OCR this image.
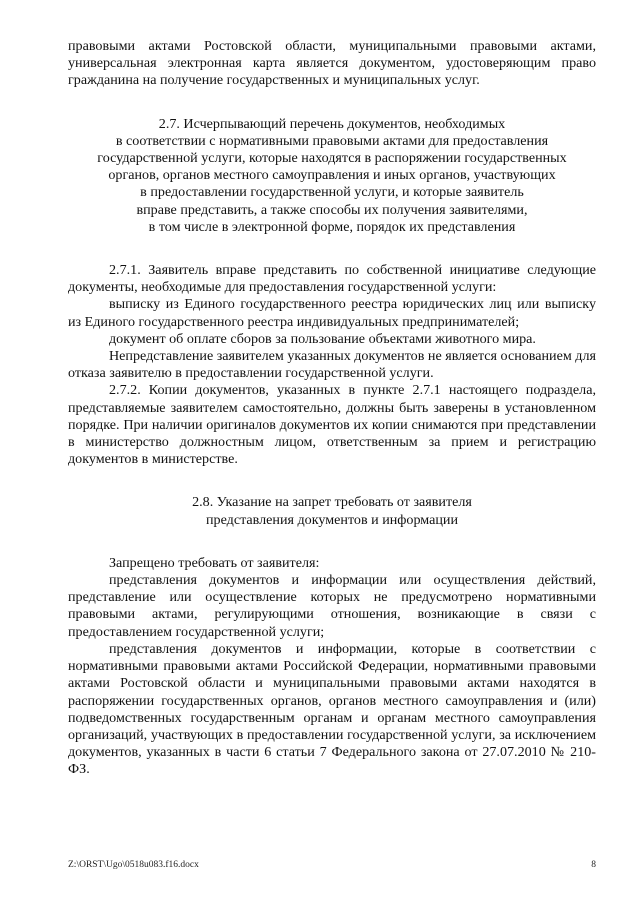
правовыми актами Ростовской области, муниципальными правовыми актами, универсальная электронная карта является документом, удостоверяющим право гражданина на получение государственных и муниципальных услуг.

2.7. Исчерпывающий перечень документов, необходимых
в соответствии с нормативными правовыми актами для предоставления
государственной услуги, которые находятся в распоряжении государственных
органов, органов местного самоуправления и иных органов, участвующих
в предоставлении государственной услуги, и которые заявитель
вправе представить, а также способы их получения заявителями,
в том числе в электронной форме, порядок их представления

2.7.1. Заявитель вправе представить по собственной инициативе следующие документы, необходимые для предоставления государственной услуги:

выписку из Единого государственного реестра юридических лиц или выписку из Единого государственного реестра индивидуальных предпринимателей;

документ об оплате сборов за пользование объектами животного мира.

Непредставление заявителем указанных документов не является основанием для отказа заявителю в предоставлении государственной услуги.

2.7.2. Копии документов, указанных в пункте 2.7.1 настоящего подраздела, представляемые заявителем самостоятельно, должны быть заверены в установленном порядке. При наличии оригиналов документов их копии снимаются при представлении в министерство должностным лицом, ответственным за прием и регистрацию документов в министерстве.

2.8. Указание на запрет требовать от заявителя
представления документов и информации

Запрещено требовать от заявителя:

представления документов и информации или осуществления действий, представление или осуществление которых не предусмотрено нормативными правовыми актами, регулирующими отношения, возникающие в связи с предоставлением государственной услуги;

представления документов и информации, которые в соответствии с нормативными правовыми актами Российской Федерации, нормативными правовыми актами Ростовской области и муниципальными правовыми актами находятся в распоряжении государственных органов, органов местного самоуправления и (или) подведомственных государственным органам и органам местного самоуправления организаций, участвующих в предоставлении государственной услуги, за исключением документов, указанных в части 6 статьи 7 Федерального закона от 27.07.2010 № 210-ФЗ.

Z:\ORST\Ugo\0518u083.f16.docx	8
